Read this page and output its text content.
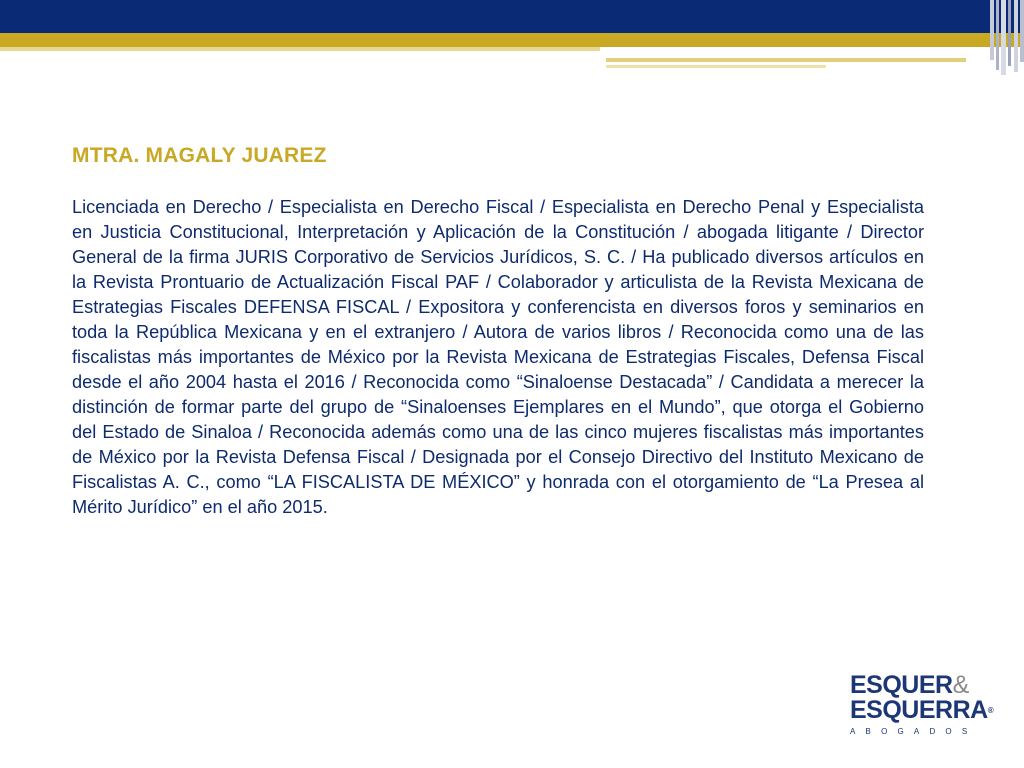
MTRA. MAGALY JUAREZ

Licenciada en Derecho / Especialista en Derecho Fiscal / Especialista en Derecho Penal y Especialista en Justicia Constitucional, Interpretación y Aplicación de la Constitución / abogada litigante / Director General de la firma JURIS Corporativo de Servicios Jurídicos, S. C. / Ha publicado diversos artículos en la Revista Prontuario de Actualización Fiscal PAF / Colaborador y articulista de la Revista Mexicana de Estrategias Fiscales DEFENSA FISCAL / Expositora y conferencista en diversos foros y seminarios en toda la República Mexicana y en el extranjero / Autora de varios libros / Reconocida como una de las fiscalistas más importantes de México por la Revista Mexicana de Estrategias Fiscales, Defensa Fiscal desde el año 2004 hasta el 2016 / Reconocida como “Sinaloense Destacada” / Candidata a merecer la distinción de formar parte del grupo de “Sinaloenses Ejemplares en el Mundo”, que otorga el Gobierno del Estado de Sinaloa / Reconocida además como una de las cinco mujeres fiscalistas más importantes de México por la Revista Defensa Fiscal / Designada por el Consejo Directivo del Instituto Mexicano de Fiscalistas A. C., como “LA FISCALISTA DE MÉXICO” y honrada con el otorgamiento de “La Presea al Mérito Jurídico” en el año 2015.

ESQUER&
ESQUERRA®
ABOGADOS
